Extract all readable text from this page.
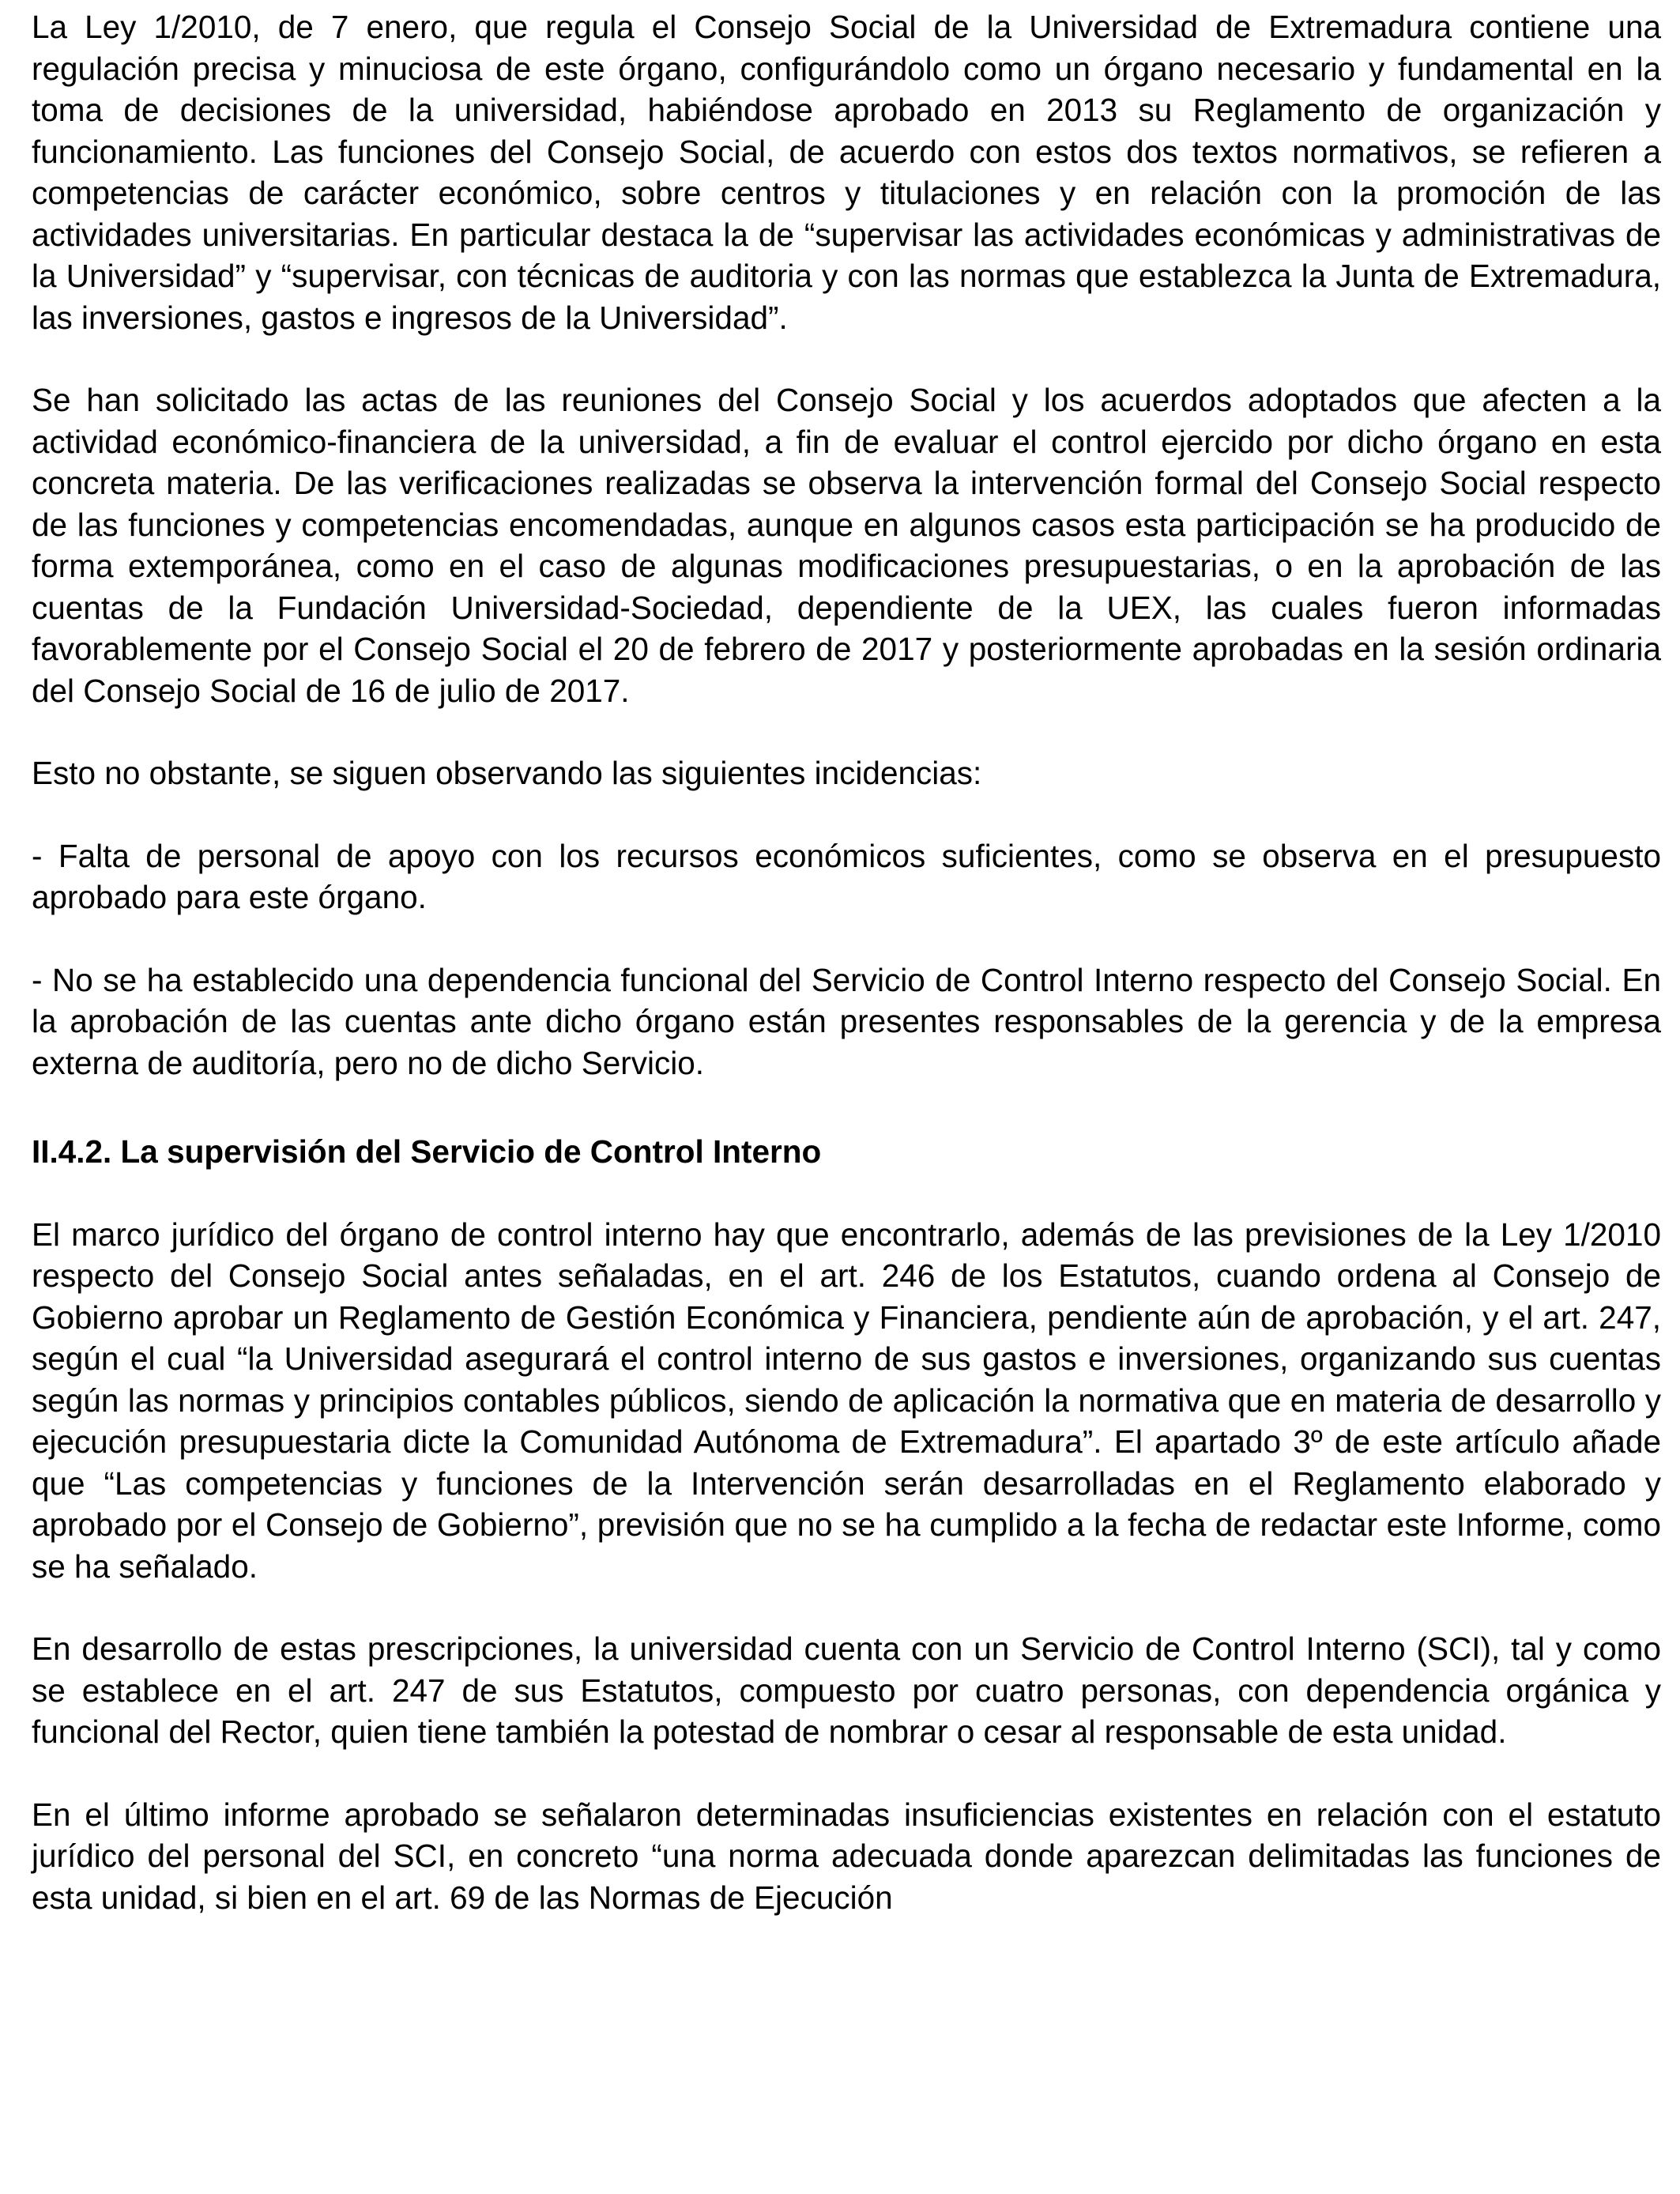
La Ley 1/2010, de 7 enero, que regula el Consejo Social de la Universidad de Extremadura contiene una regulación precisa y minuciosa de este órgano, configurándolo como un órgano necesario y fundamental en la toma de decisiones de la universidad, habiéndose aprobado en 2013 su Reglamento de organización y funcionamiento. Las funciones del Consejo Social, de acuerdo con estos dos textos normativos, se refieren a competencias de carácter económico, sobre centros y titulaciones y en relación con la promoción de las actividades universitarias. En particular destaca la de “supervisar las actividades económicas y administrativas de la Universidad” y “supervisar, con técnicas de auditoria y con las normas que establezca la Junta de Extremadura, las inversiones, gastos e ingresos de la Universidad”.

Se han solicitado las actas de las reuniones del Consejo Social y los acuerdos adoptados que afecten a la actividad económico-financiera de la universidad, a fin de evaluar el control ejercido por dicho órgano en esta concreta materia. De las verificaciones realizadas se observa la intervención formal del Consejo Social respecto de las funciones y competencias encomendadas, aunque en algunos casos esta participación se ha producido de forma extemporánea, como en el caso de algunas modificaciones presupuestarias, o en la aprobación de las cuentas de la Fundación Universidad-Sociedad, dependiente de la UEX, las cuales fueron informadas favorablemente por el Consejo Social el 20 de febrero de 2017 y posteriormente aprobadas en la sesión ordinaria del Consejo Social de 16 de julio de 2017.

Esto no obstante, se siguen observando las siguientes incidencias:

- Falta de personal de apoyo con los recursos económicos suficientes, como se observa en el presupuesto aprobado para este órgano.

- No se ha establecido una dependencia funcional del Servicio de Control Interno respecto del Consejo Social. En la aprobación de las cuentas ante dicho órgano están presentes responsables de la gerencia y de la empresa externa de auditoría, pero no de dicho Servicio.

II.4.2. La supervisión del Servicio de Control Interno

El marco jurídico del órgano de control interno hay que encontrarlo, además de las previsiones de la Ley 1/2010 respecto del Consejo Social antes señaladas, en el art. 246 de los Estatutos, cuando ordena al Consejo de Gobierno aprobar un Reglamento de Gestión Económica y Financiera, pendiente aún de aprobación, y el art. 247, según el cual “la Universidad asegurará el control interno de sus gastos e inversiones, organizando sus cuentas según las normas y principios contables públicos, siendo de aplicación la normativa que en materia de desarrollo y ejecución presupuestaria dicte la Comunidad Autónoma de Extremadura”. El apartado 3º de este artículo añade que “Las competencias y funciones de la Intervención serán desarrolladas en el Reglamento elaborado y aprobado por el Consejo de Gobierno”, previsión que no se ha cumplido a la fecha de redactar este Informe, como se ha señalado.

En desarrollo de estas prescripciones, la universidad cuenta con un Servicio de Control Interno (SCI), tal y como se establece en el art. 247 de sus Estatutos, compuesto por cuatro personas, con dependencia orgánica y funcional del Rector, quien tiene también la potestad de nombrar o cesar al responsable de esta unidad.

En el último informe aprobado se señalaron determinadas insuficiencias existentes en relación con el estatuto jurídico del personal del SCI, en concreto “una norma adecuada donde aparezcan delimitadas las funciones de esta unidad, si bien en el art. 69 de las Normas de Ejecución
